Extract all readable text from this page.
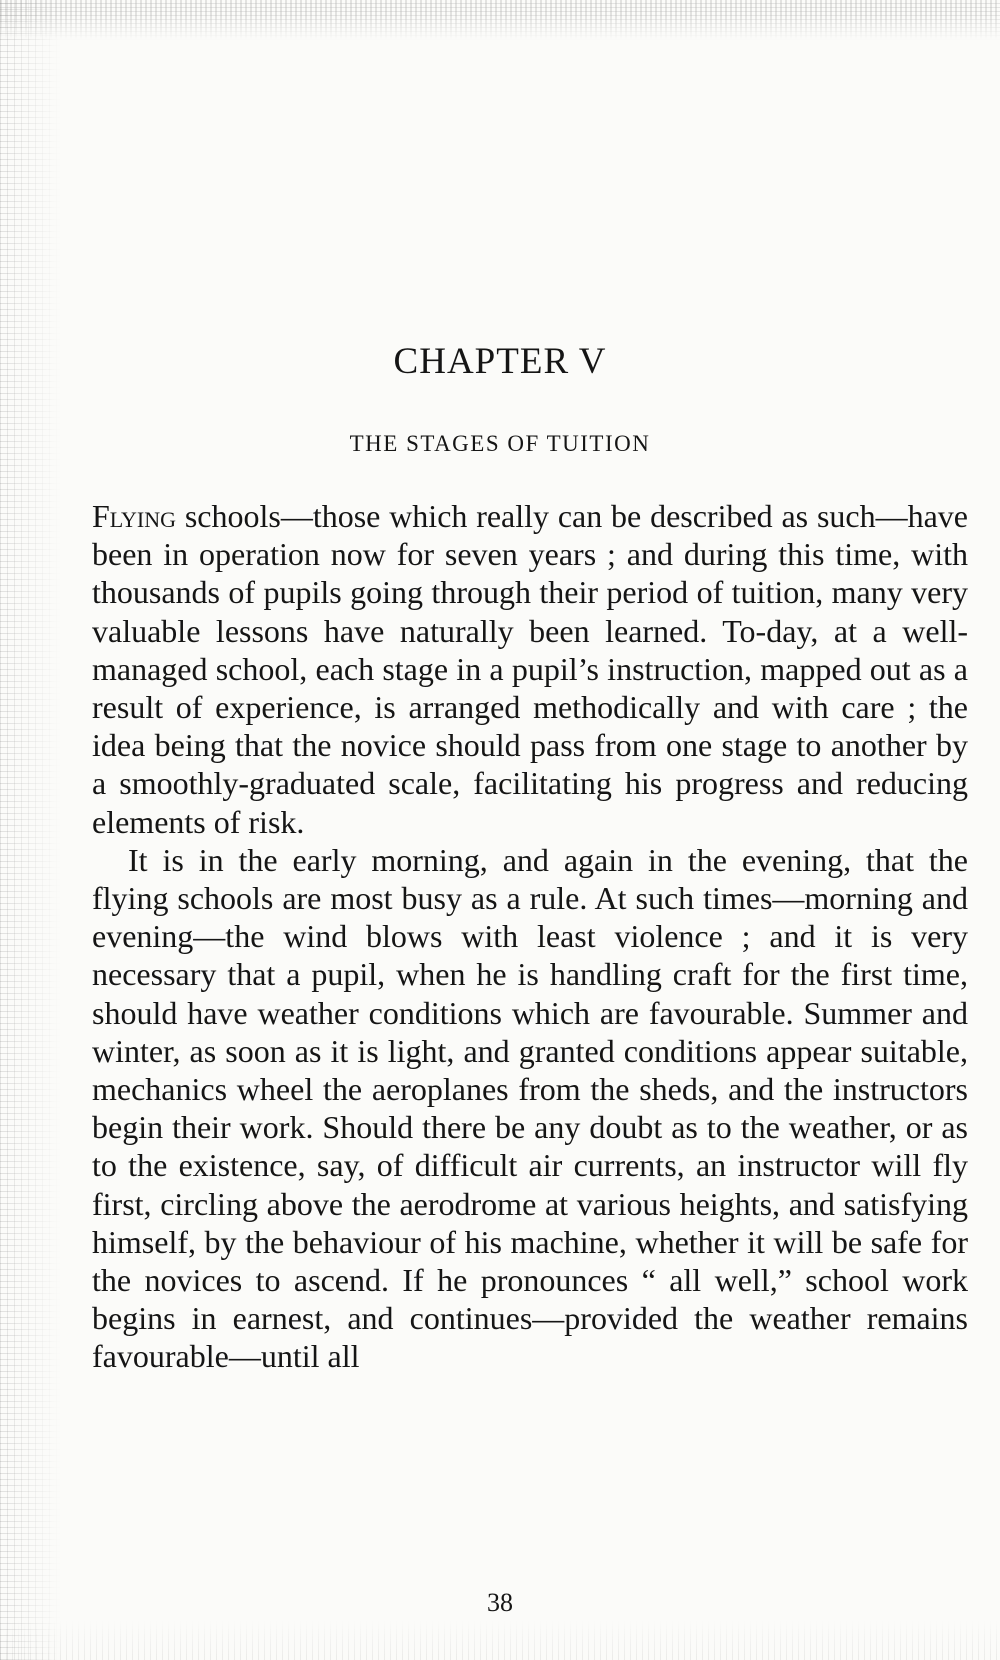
CHAPTER V
THE STAGES OF TUITION

Flying schools—those which really can be described as such—have been in operation now for seven years ; and during this time, with thousands of pupils going through their period of tuition, many very valuable lessons have naturally been learned. To-day, at a well-managed school, each stage in a pupil’s instruction, mapped out as a result of experience, is arranged methodically and with care ; the idea being that the novice should pass from one stage to another by a smoothly-graduated scale, facilitating his progress and reducing elements of risk.

It is in the early morning, and again in the evening, that the flying schools are most busy as a rule. At such times—morning and evening—the wind blows with least violence ; and it is very necessary that a pupil, when he is handling craft for the first time, should have weather conditions which are favourable. Summer and winter, as soon as it is light, and granted conditions appear suitable, mechanics wheel the aeroplanes from the sheds, and the instructors begin their work. Should there be any doubt as to the weather, or as to the existence, say, of difficult air currents, an instructor will fly first, circling above the aerodrome at various heights, and satisfying himself, by the behaviour of his machine, whether it will be safe for the novices to ascend. If he pronounces “ all well,” school work begins in earnest, and continues—provided the weather remains favourable—until all

38
